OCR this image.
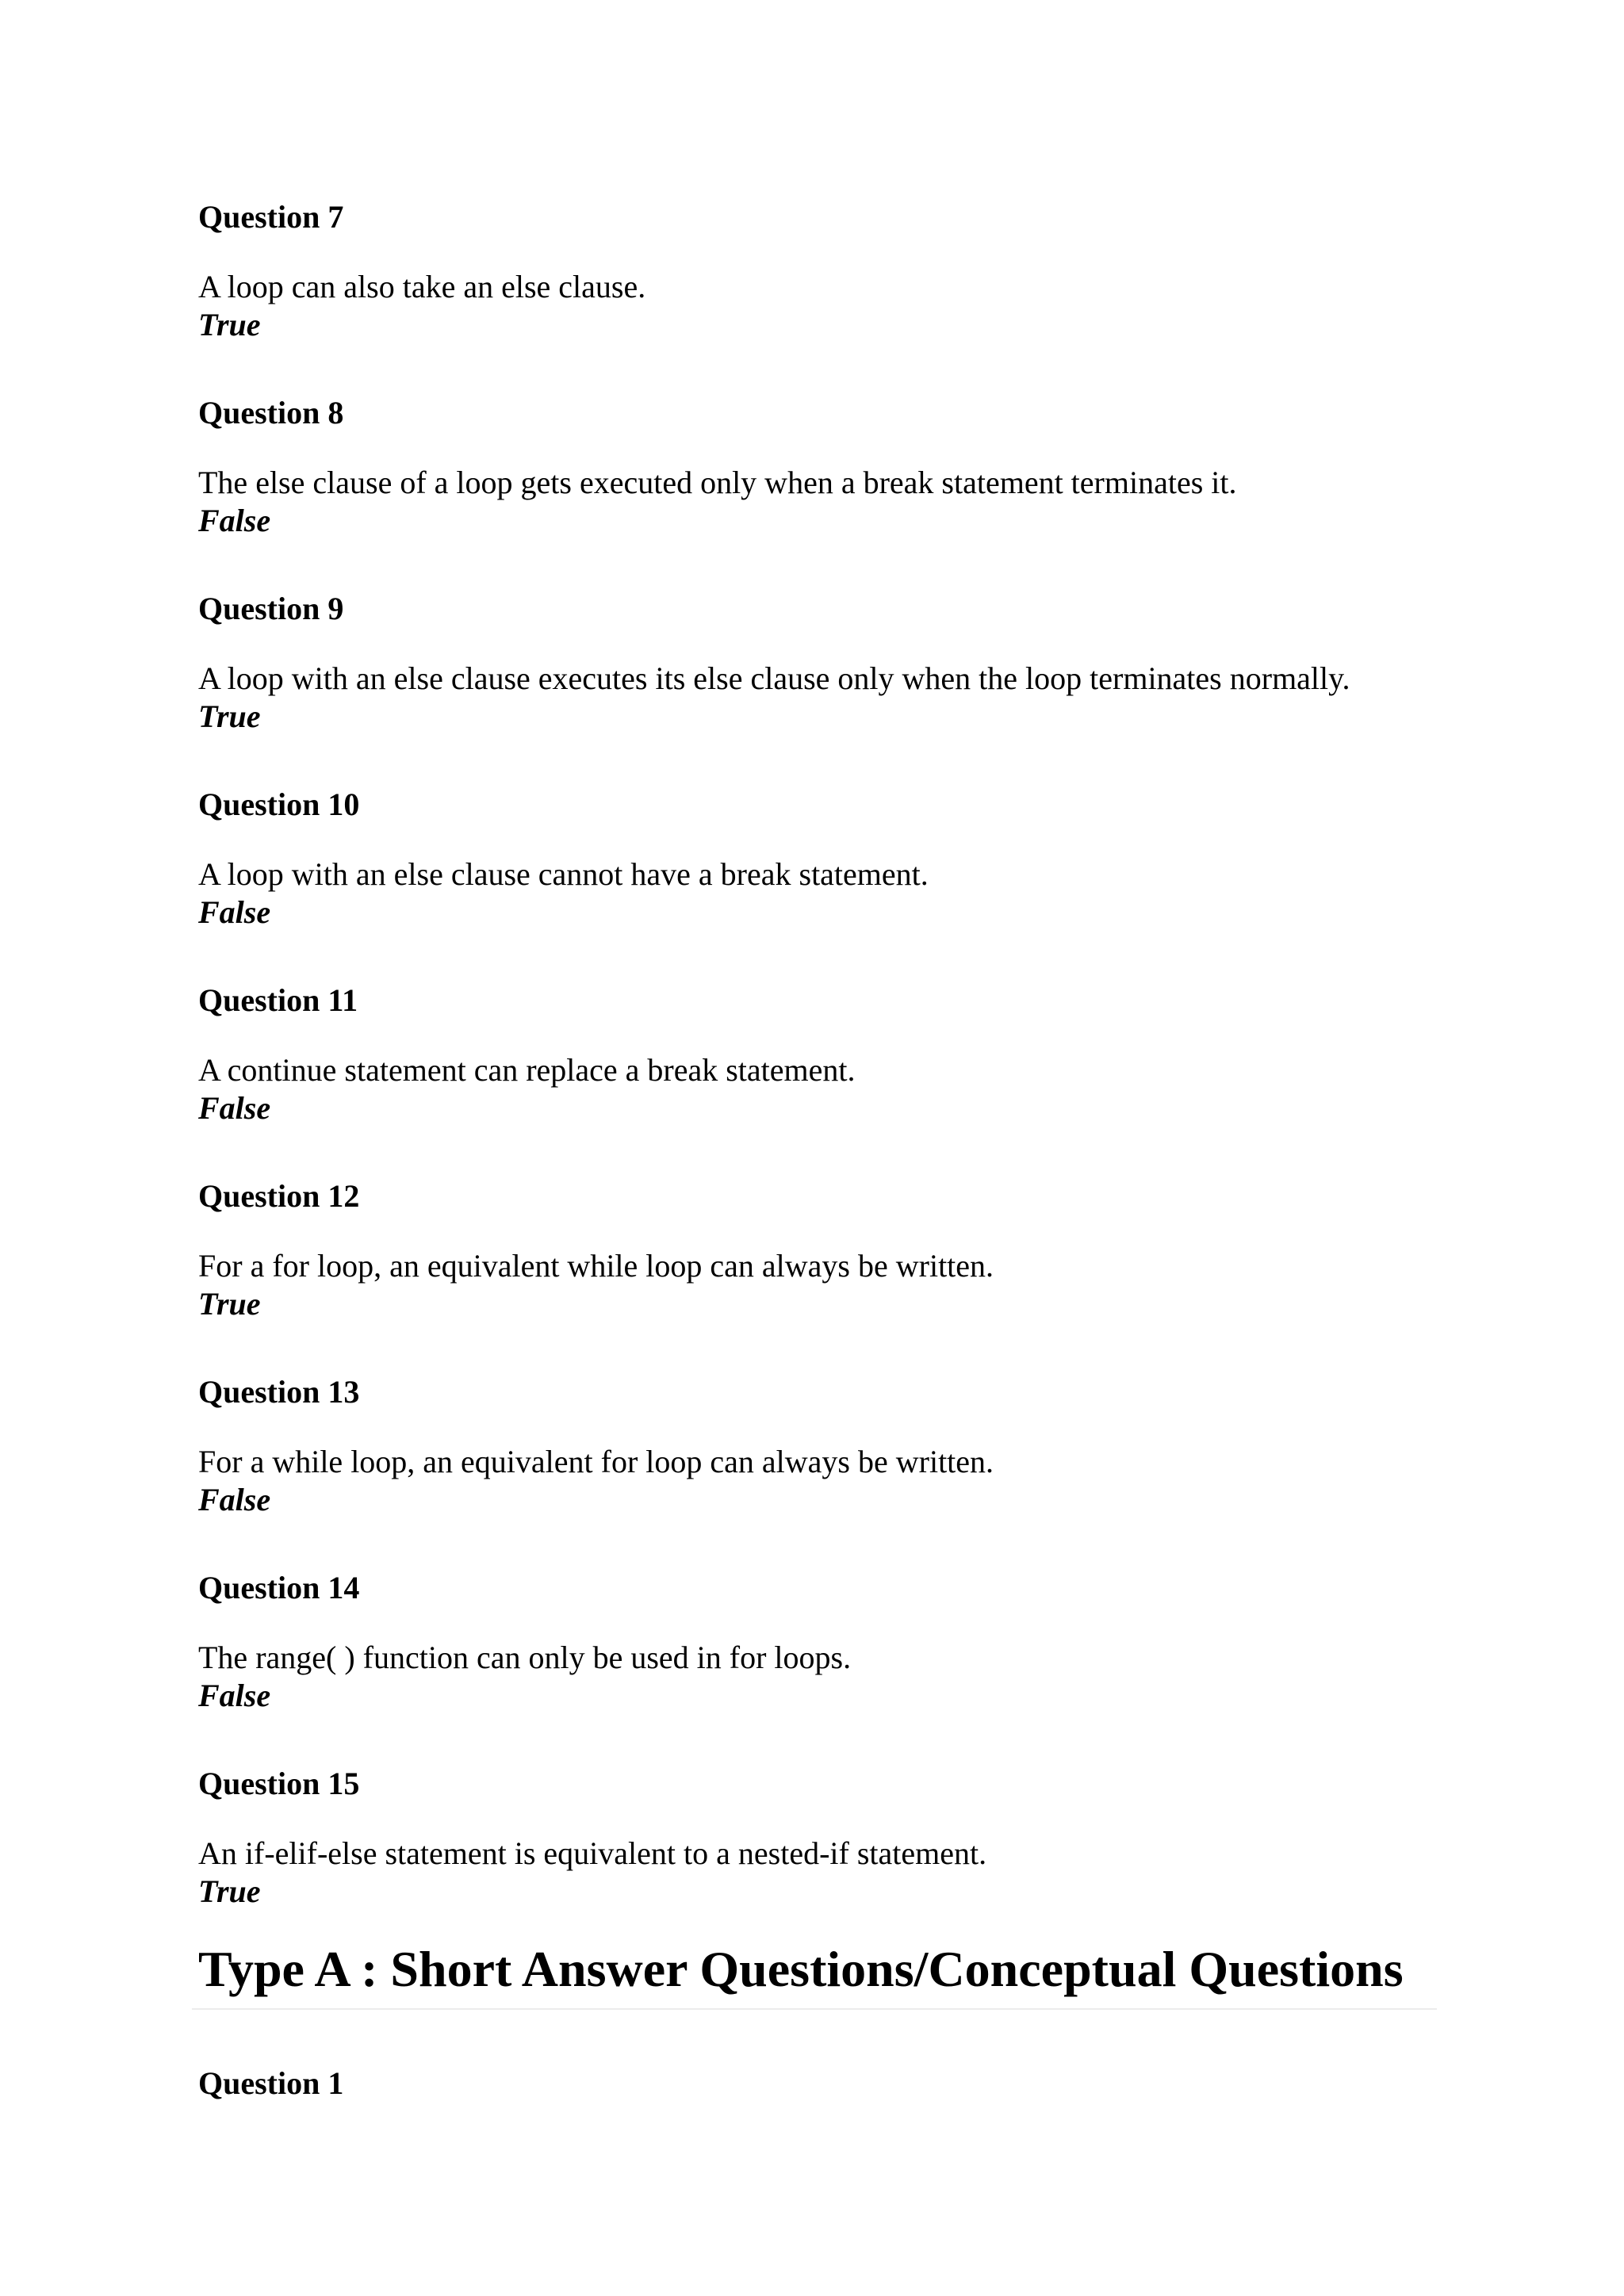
Question 7
A loop can also take an else clause.
True
Question 8
The else clause of a loop gets executed only when a break statement terminates it.
False
Question 9
A loop with an else clause executes its else clause only when the loop terminates normally.
True
Question 10
A loop with an else clause cannot have a break statement.
False
Question 11
A continue statement can replace a break statement.
False
Question 12
For a for loop, an equivalent while loop can always be written.
True
Question 13
For a while loop, an equivalent for loop can always be written.
False
Question 14
The range( ) function can only be used in for loops.
False
Question 15
An if-elif-else statement is equivalent to a nested-if statement.
True
Type A : Short Answer Questions/Conceptual Questions
Question 1
